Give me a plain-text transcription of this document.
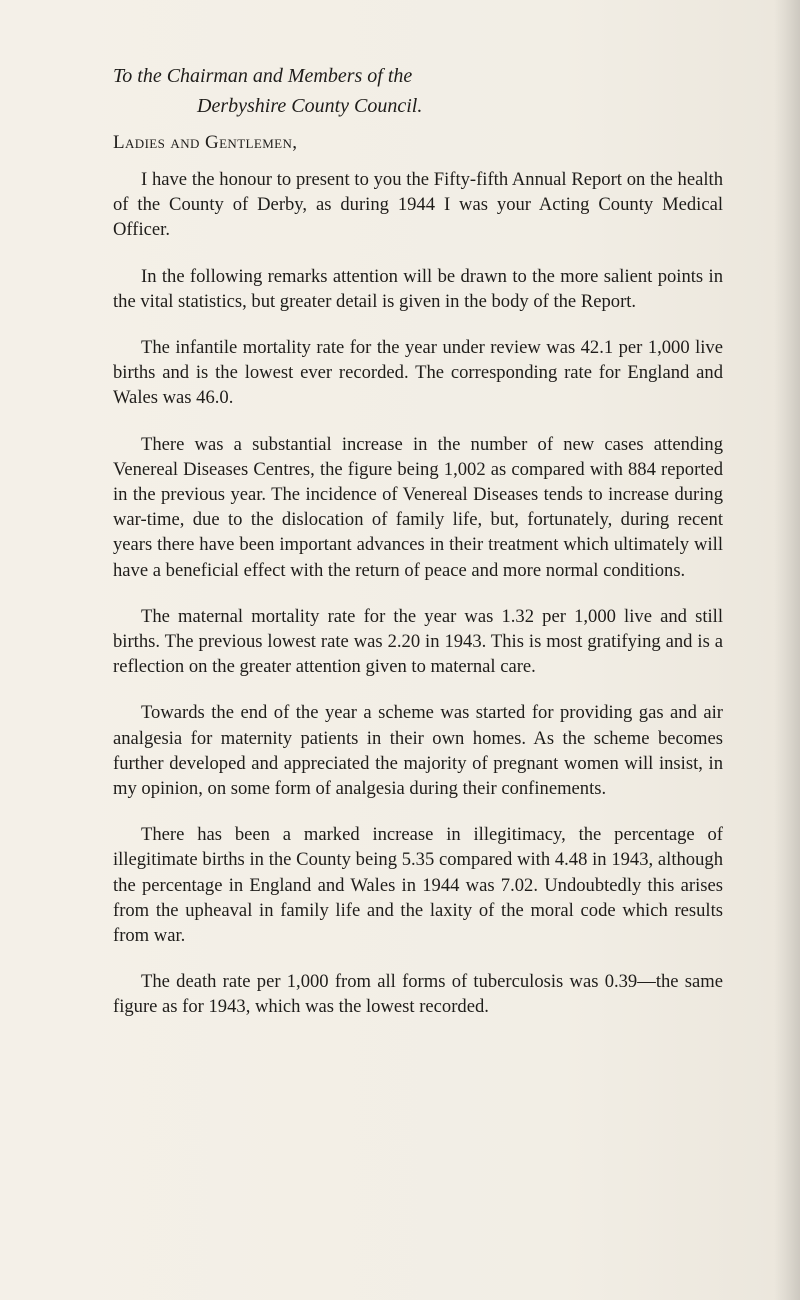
To the Chairman and Members of the

Derbyshire County Council.

Ladies and Gentlemen,

I have the honour to present to you the Fifty-fifth Annual Report on the health of the County of Derby, as during 1944 I was your Acting County Medical Officer.

In the following remarks attention will be drawn to the more salient points in the vital statistics, but greater detail is given in the body of the Report.

The infantile mortality rate for the year under review was 42.1 per 1,000 live births and is the lowest ever recorded. The corresponding rate for England and Wales was 46.0.

There was a substantial increase in the number of new cases attending Venereal Diseases Centres, the figure being 1,002 as compared with 884 reported in the previous year. The incidence of Venereal Diseases tends to increase during war-time, due to the dislocation of family life, but, fortunately, during recent years there have been important advances in their treatment which ultimately will have a beneficial effect with the return of peace and more normal conditions.

The maternal mortality rate for the year was 1.32 per 1,000 live and still births. The previous lowest rate was 2.20 in 1943. This is most gratifying and is a reflection on the greater attention given to maternal care.

Towards the end of the year a scheme was started for providing gas and air analgesia for maternity patients in their own homes. As the scheme becomes further developed and appreciated the majority of pregnant women will insist, in my opinion, on some form of analgesia during their confinements.

There has been a marked increase in illegitimacy, the percentage of illegitimate births in the County being 5.35 compared with 4.48 in 1943, although the percentage in England and Wales in 1944 was 7.02. Undoubtedly this arises from the upheaval in family life and the laxity of the moral code which results from war.

The death rate per 1,000 from all forms of tuberculosis was 0.39—the same figure as for 1943, which was the lowest recorded.
